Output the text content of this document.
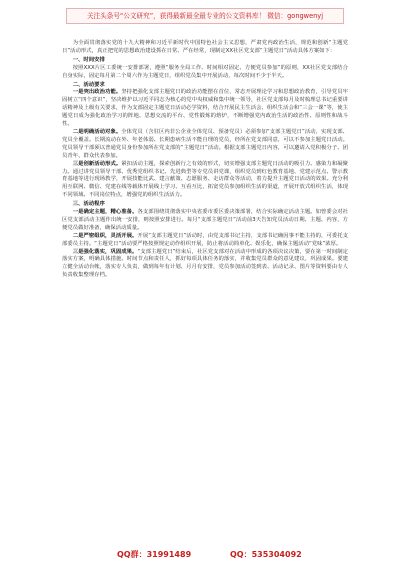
关注头条号“公文研究”，获得最新最全最专业的公文资料库！ 微信：gongwenyj

为全面贯彻落实党的十九大精神和习近平新时代中国特色社会主义思想，严肃党内政治生活，规范和创新“主题党日”活动形式，真正把党的思想政治建设抓在日常、严在经常，现制定XX社区党支部“主题党日”活动具体方案如下：

一、时间安排

按照XXX片区工委统一安排部署，遵照“服务全局工作、时间相对固定、方便党员参加”的原则，XX社区党支部结合自身实际，固定每月第二个周六作为主题党日，组织党员集中开展活动，每次时间不少于半天。

二、活动要求

一是突出政治功能。坚持把强化支部主题党日的政治功能摆在首位，常态开展理论学习和思想政治教育，引导党员牢固树立“四个意识”，坚决维护以习近平同志为核心的党中央权威和集中统一领导，社区党支部每月及时梳理总书记重要讲话精神及上级有关要求，作为支部固定主题党日活动必学资料，结合开展民主生活会、组织生活会和“三会一课”等，使主题党日成为强化政治学习的阵地、思想交流的平台、党性锻炼的熔炉，不断增强党内政治生活的政治性、原则性和战斗性。

二是明确活动对象。全体党员（含驻区内非公企业全体党员、预备党员）必须参加“支部主题党日”活动，实现支部、党员全覆盖。长期流动在外、年老体弱、长期患病生活不能自理的党员，经所在党支部同意，可以不参加主题党日活动。党员领导干部须以普通党员身份参加所在党支部的“主题党日”活动。根据支部主题党日内容，可以邀请入党积极分子、团员青年、群众代表参加。

三是创新活动形式。紧扣活动主题，探索创新行之有效的形式，切实增强支部主题党日活动的吸引力、感染力和凝聚力。通过讲党员领导干部、优秀党组织书记、先进典型等专党员讲党课，组织党员到红色教育基地、党建示范点、警示教育基地等进行现场教学，开展技能比武、建言献策、志愿服务、走访群众等活动，着力提升主题党日活动的效果。充分利用互联网、微信、党建在线等载体开展线上学习、互看互比，拓宽党员参加组织生活的渠道，开展开放式组织生活，体现不同领域、不同岗位特点，增强党的组织生活活力。

三、活动程序

一是确定主题，精心准备。各支部围绕贯彻落实中央省委市委区委决策部署，结合实际确定活动主题。如曾委会对社区党支部活动主题作出统一安排，则按照安排进行。每月“支部主题党日”活动前3天告知党员活动日期、主题、内容，方便党员做好准备，确保活动质量。

二是严密组织，灵活开展。开展“支部主题党日”活动时，由党支部书记主持，支部书记确因事不能主持的，可委托支部委员主持。“主题党日”活动要严格按照规定动作组织开展，防止将活动简单化、娱乐化，确保主题活动“党味”浓厚。

三是强化落实，巩固成果。“支部主题党日”结束后，社区党支部对在活动中形成的各项决议决策，要在第一时间制定落实方案，明确具体措施、时间节点和责任人，抓好每项具体任务的落实，并收集党员群众的意见建议，巩固成果。要建立健全活动台帐，落实专人负责，做到每年有计划、月月有安排，党员参加活动签到表、活动记录、图片等资料要由专人负责收集整理存档。

QQ群：31991489	QQ：535304092
